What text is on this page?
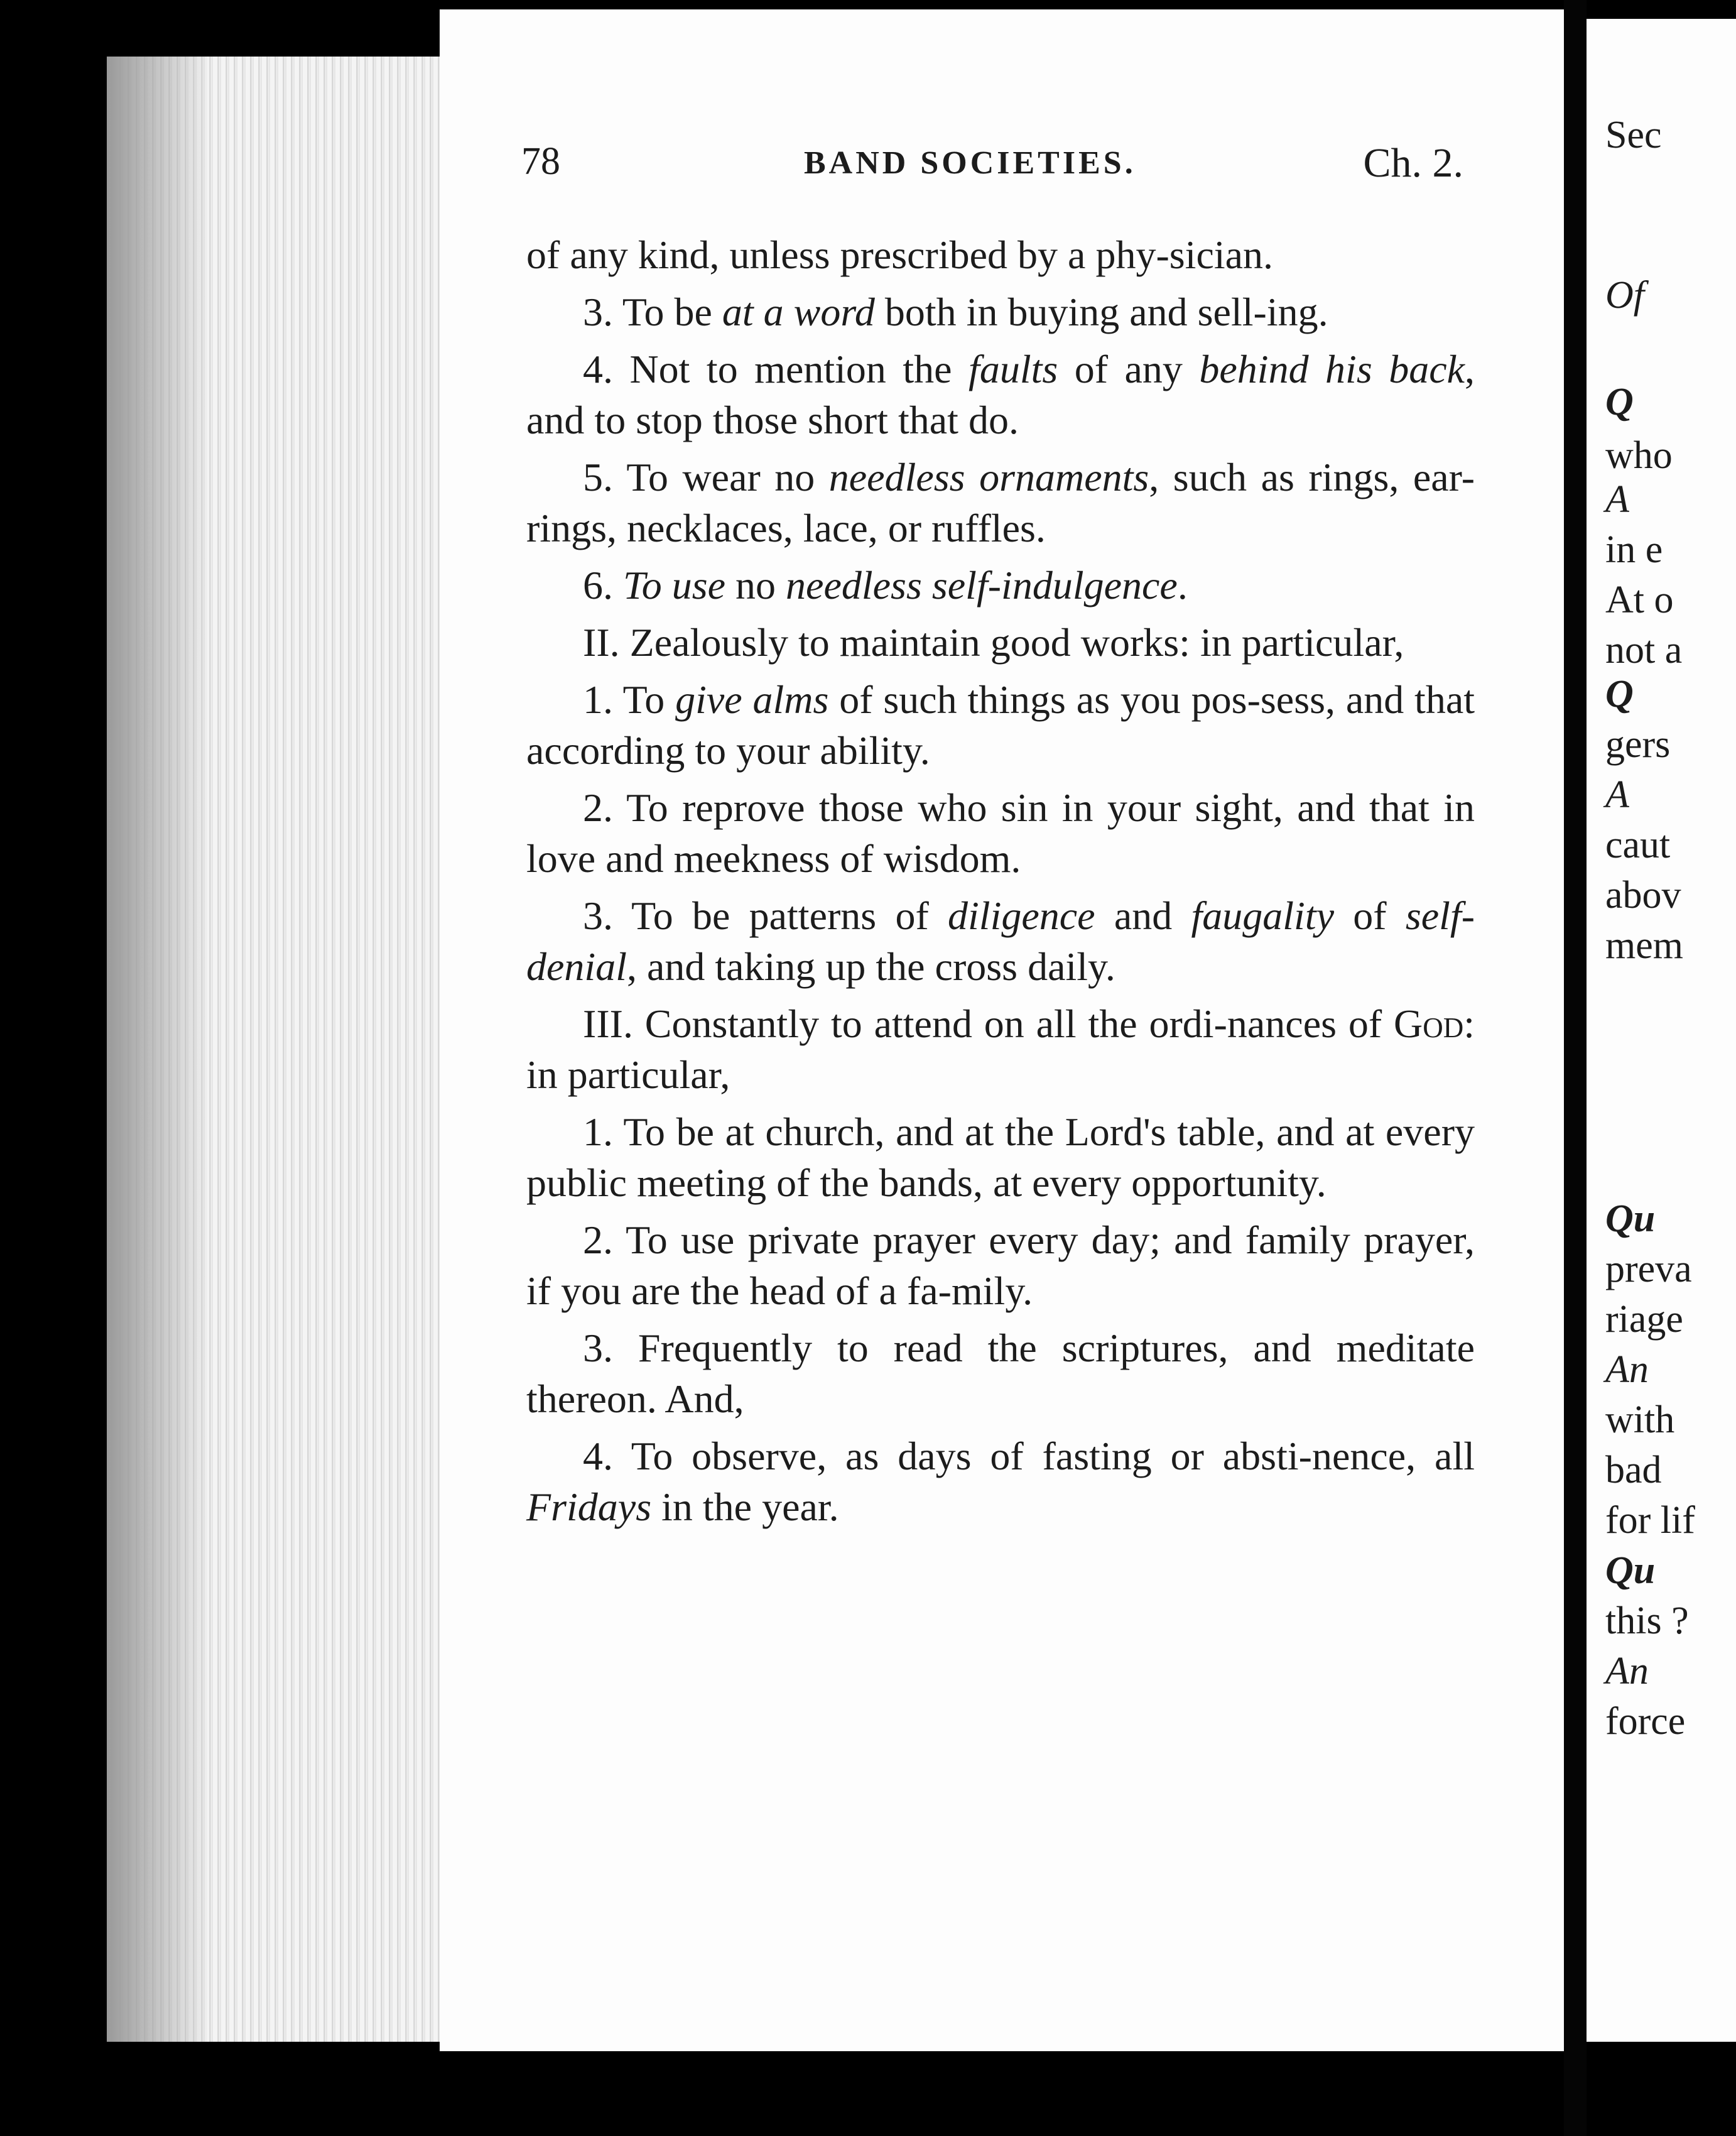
Sec
Of
Q
who
A
in e
At o
not a
Q
gers
A
caut
abov
mem
Qu
preva
riage
An
with
bad
for lif
Qu
this ?
An
force
78	BAND SOCIETIES.	Ch. 2.

of any kind, unless prescribed by a phy-sician.

3. To be at a word both in buying and sell-ing.

4. Not to mention the faults of any behind his back, and to stop those short that do.

5. To wear no needless ornaments, such as rings, ear-rings, necklaces, lace, or ruffles.

6. To use no needless self-indulgence.

II. Zealously to maintain good works: in particular,

1. To give alms of such things as you pos-sess, and that according to your ability.

2. To reprove those who sin in your sight, and that in love and meekness of wisdom.

3. To be patterns of diligence and faugality of self-denial, and taking up the cross daily.

III. Constantly to attend on all the ordi-nances of God: in particular,

1. To be at church, and at the Lord's table, and at every public meeting of the bands, at every opportunity.

2. To use private prayer every day; and family prayer, if you are the head of a fa-mily.

3. Frequently to read the scriptures, and meditate thereon. And,

4. To observe, as days of fasting or absti-nence, all Fridays in the year.
